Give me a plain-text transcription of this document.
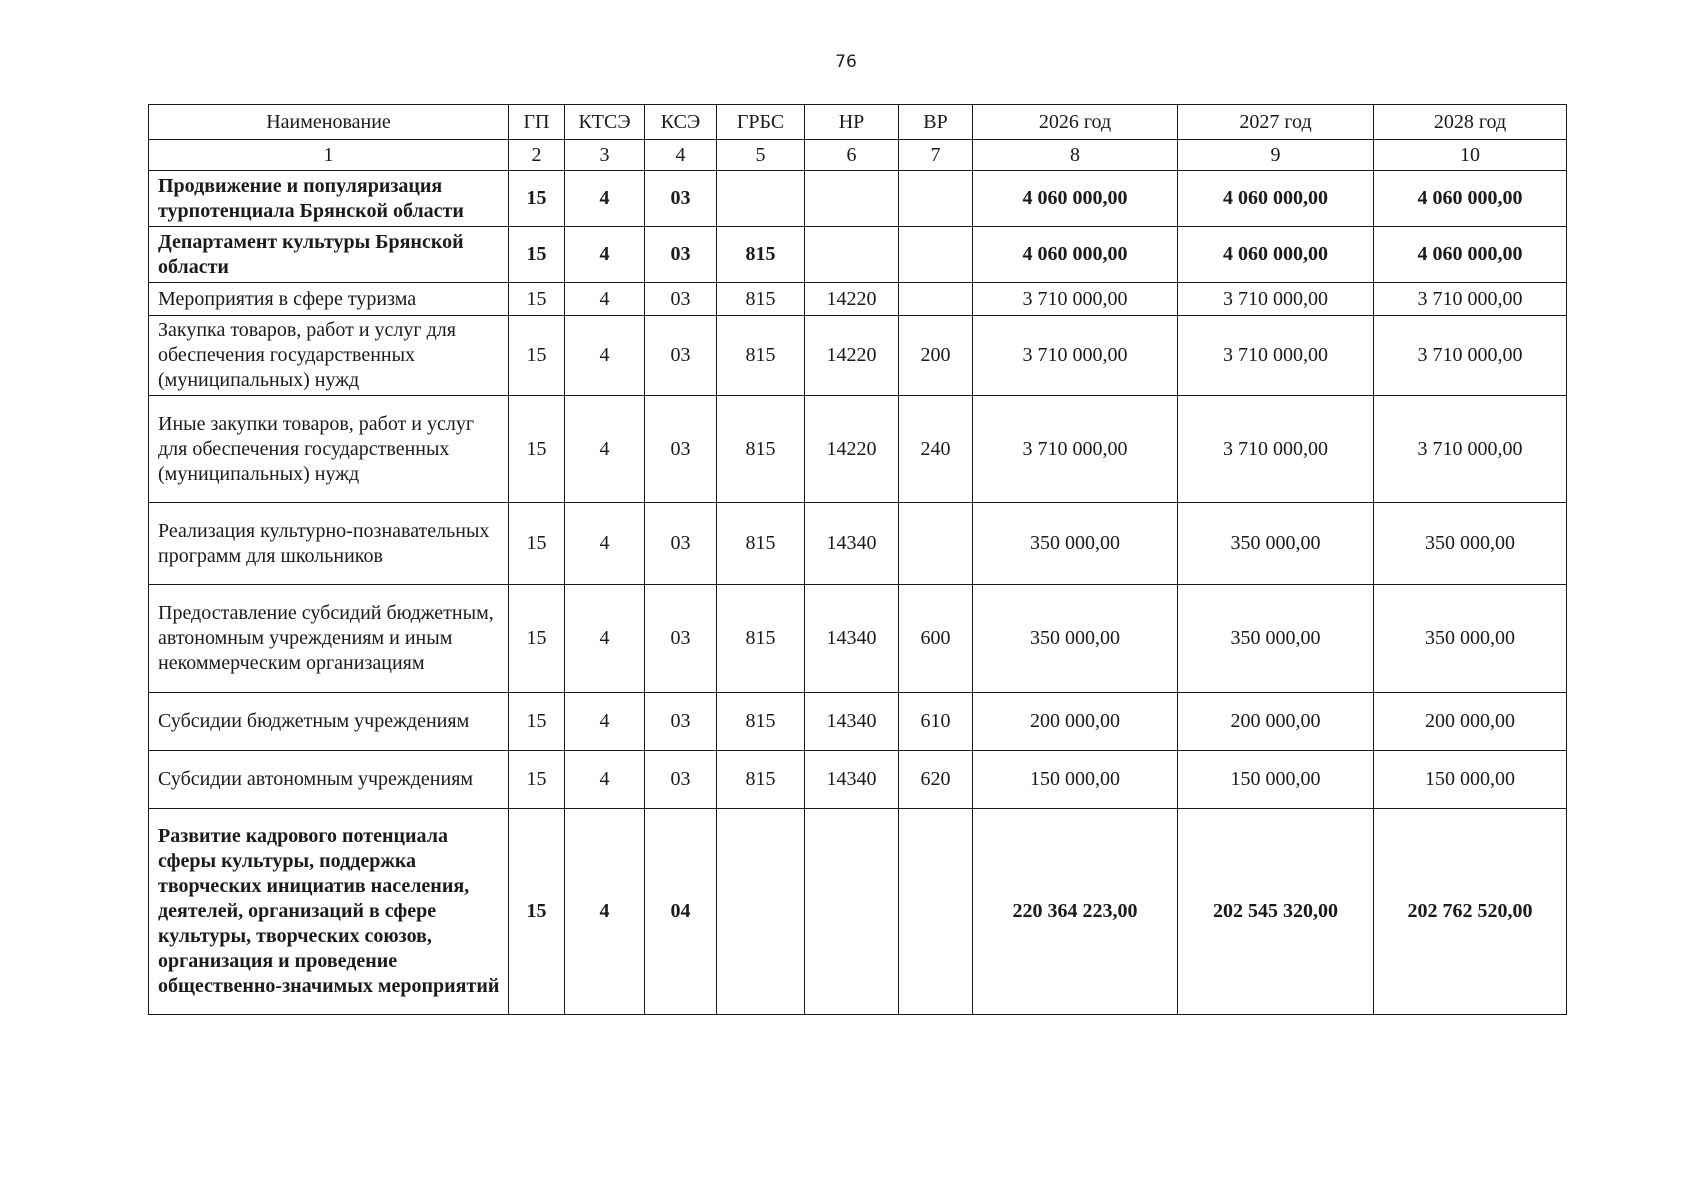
76
Наименование	ГП	КТСЭ	КСЭ	ГРБС	НР	ВР	2026 год	2027 год	2028 год
1	2	3	4	5	6	7	8	9	10
Продвижение и популяризация турпотенциала Брянской области	15	4	03				4 060 000,00	4 060 000,00	4 060 000,00
Департамент культуры Брянской области	15	4	03	815			4 060 000,00	4 060 000,00	4 060 000,00
Мероприятия в сфере туризма	15	4	03	815	14220		3 710 000,00	3 710 000,00	3 710 000,00
Закупка товаров, работ и услуг для обеспечения государственных (муниципальных) нужд	15	4	03	815	14220	200	3 710 000,00	3 710 000,00	3 710 000,00
Иные закупки товаров, работ и услуг для обеспечения государственных (муниципальных) нужд	15	4	03	815	14220	240	3 710 000,00	3 710 000,00	3 710 000,00
Реализация культурно-познавательных программ для школьников	15	4	03	815	14340		350 000,00	350 000,00	350 000,00
Предоставление субсидий бюджетным, автономным учреждениям и иным некоммерческим организациям	15	4	03	815	14340	600	350 000,00	350 000,00	350 000,00
Субсидии бюджетным учреждениям	15	4	03	815	14340	610	200 000,00	200 000,00	200 000,00
Субсидии автономным учреждениям	15	4	03	815	14340	620	150 000,00	150 000,00	150 000,00
Развитие кадрового потенциала сферы культуры, поддержка творческих инициатив населения, деятелей, организаций в сфере культуры, творческих союзов, организация и проведение общественно-значимых мероприятий	15	4	04				220 364 223,00	202 545 320,00	202 762 520,00
